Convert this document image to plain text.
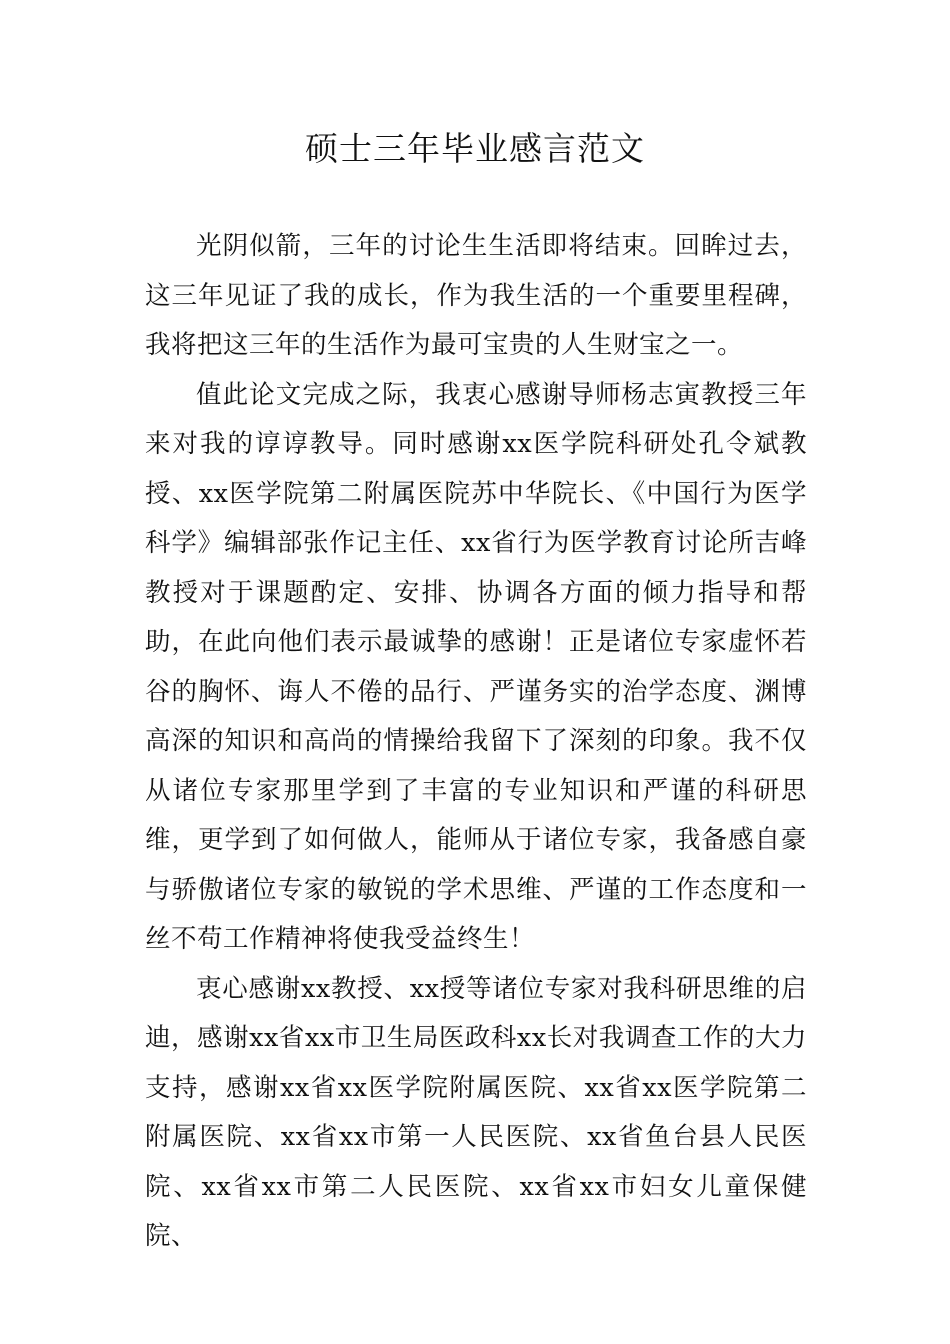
硕士三年毕业感言范文

光阴似箭，三年的讨论生生活即将结束。回眸过去，这三年见证了我的成长，作为我生活的一个重要里程碑，我将把这三年的生活作为最可宝贵的人生财宝之一。

值此论文完成之际，我衷心感谢导师杨志寅教授三年来对我的谆谆教导。同时感谢xx医学院科研处孔令斌教授、xx医学院第二附属医院苏中华院长、《中国行为医学科学》编辑部张作记主任、xx省行为医学教育讨论所吉峰教授对于课题酌定、安排、协调各方面的倾力指导和帮助，在此向他们表示最诚挚的感谢！正是诸位专家虚怀若谷的胸怀、诲人不倦的品行、严谨务实的治学态度、渊博高深的知识和高尚的情操给我留下了深刻的印象。我不仅从诸位专家那里学到了丰富的专业知识和严谨的科研思维，更学到了如何做人，能师从于诸位专家，我备感自豪与骄傲诸位专家的敏锐的学术思维、严谨的工作态度和一丝不苟工作精神将使我受益终生！

衷心感谢xx教授、xx授等诸位专家对我科研思维的启迪，感谢xx省xx市卫生局医政科xx长对我调查工作的大力支持，感谢xx省xx医学院附属医院、xx省xx医学院第二附属医院、xx省xx市第一人民医院、xx省鱼台县人民医院、xx省xx市第二人民医院、xx省xx市妇女儿童保健院、
